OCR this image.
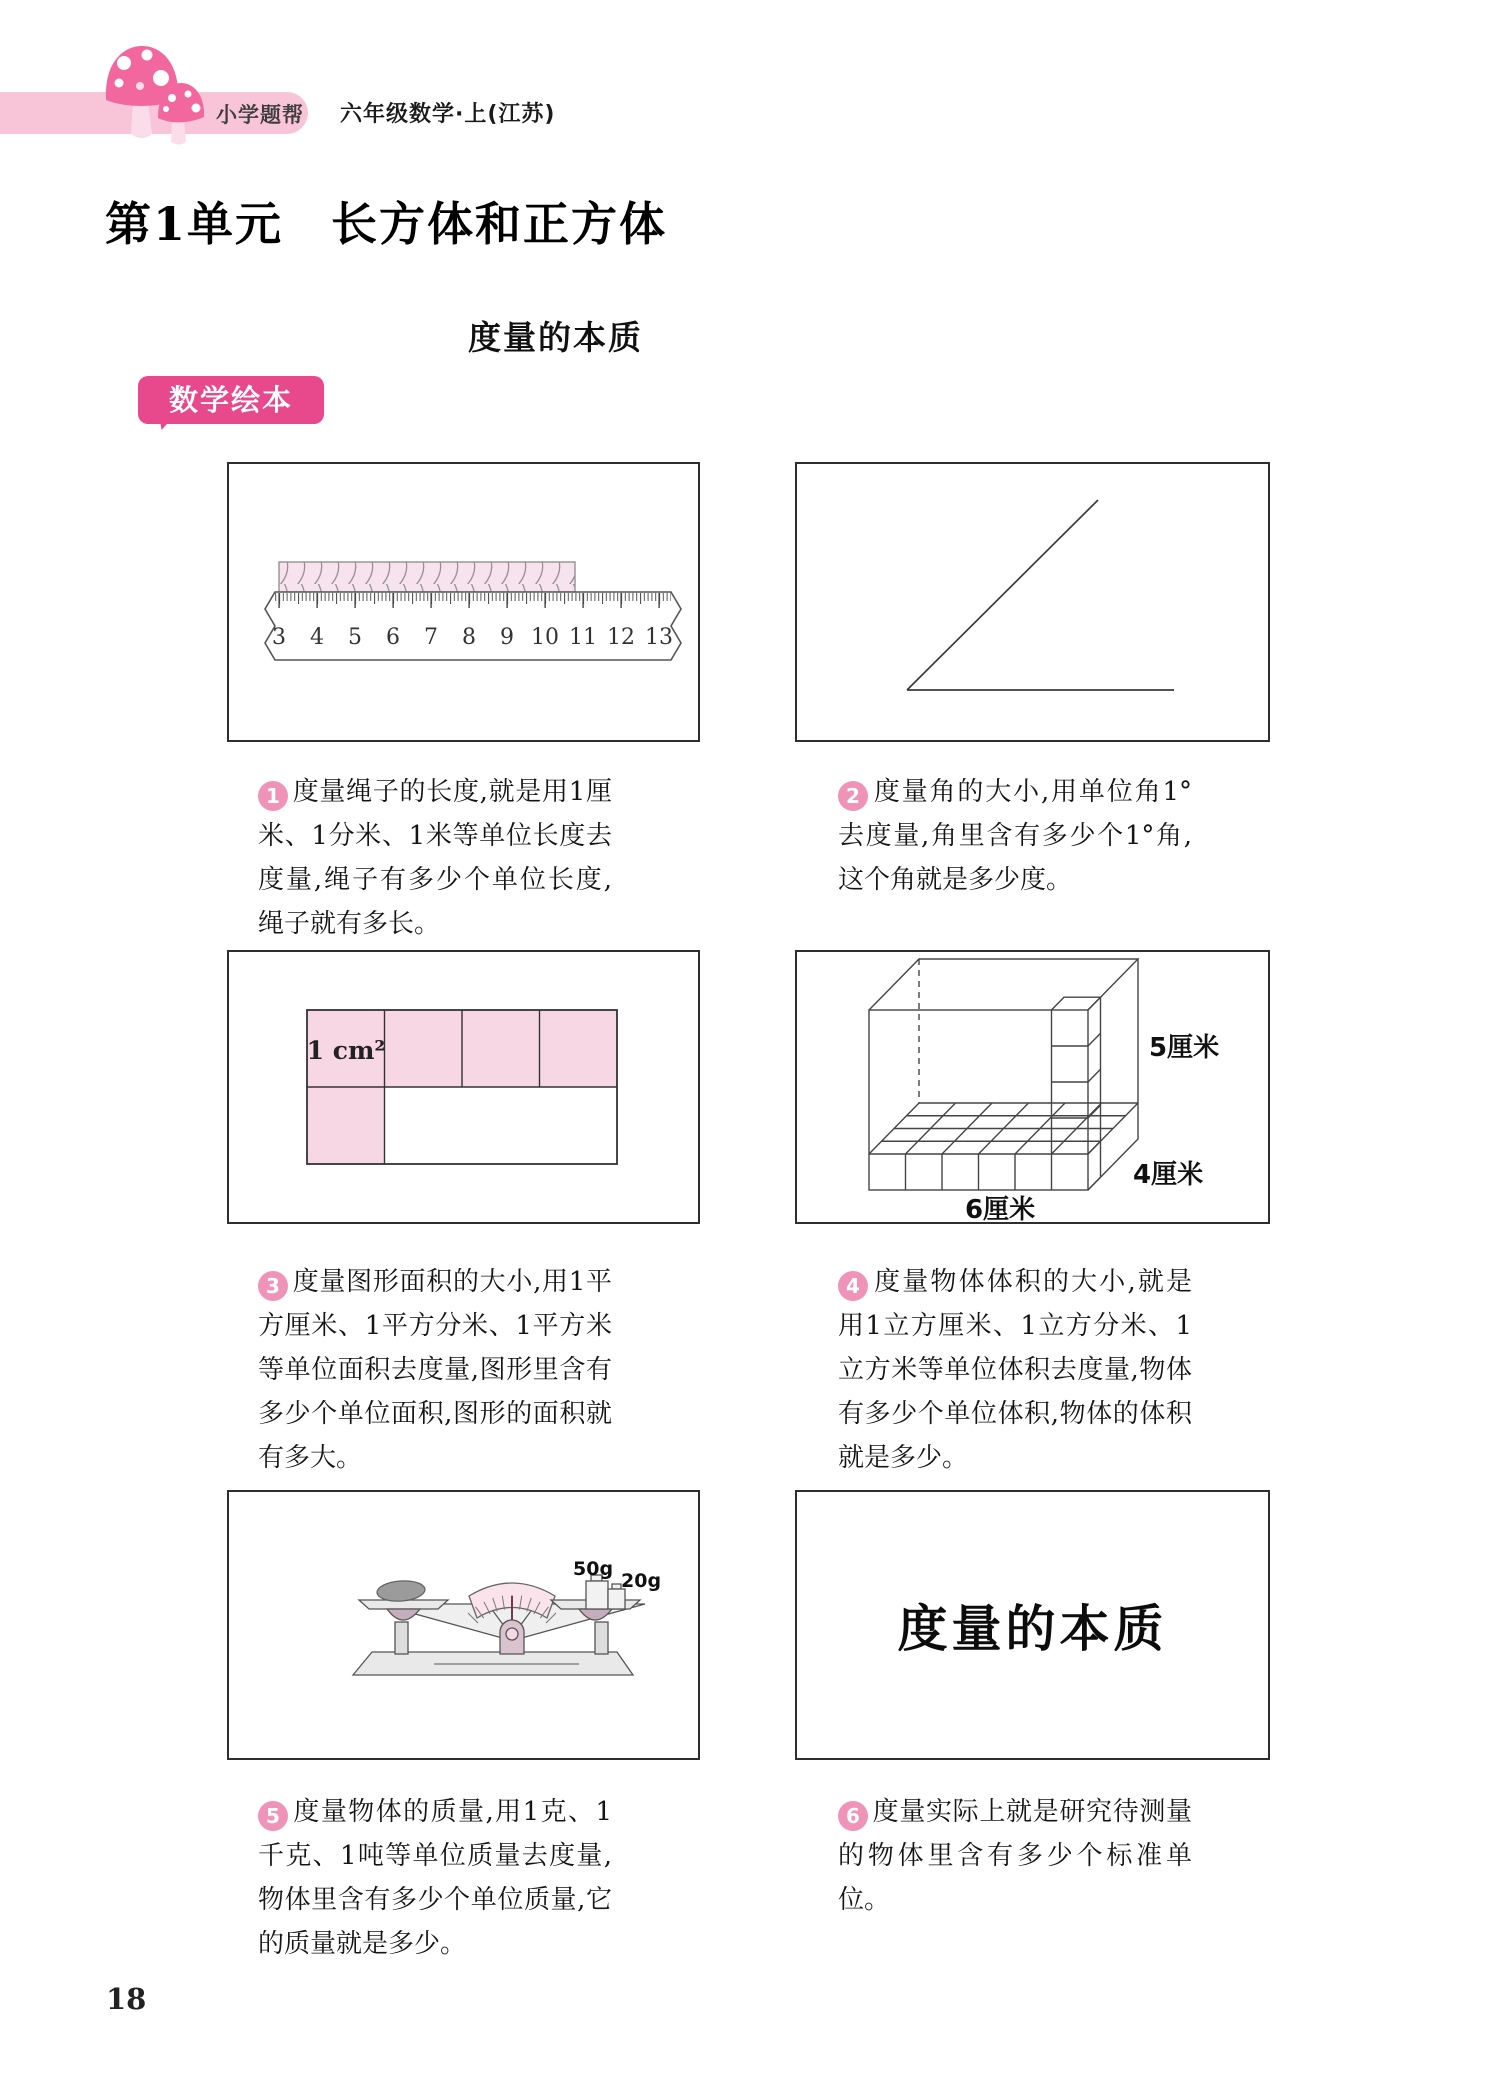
小学题帮 六年级数学·上(江苏)
第1单元　长方体和正方体
度量的本质
数学绘本
3 4 5 6 7 8 9 10 11 12 13
1 cm²
6厘米
4厘米
5厘米
50g
20g
度量的本质
1 度量绳子的长度,就是用1厘米、1分米、1米等单位长度去度量,绳子有多少个单位长度,绳子就有多长。
2 度量角的大小,用单位角1°去度量,角里含有多少个1°角,这个角就是多少度。
3 度量图形面积的大小,用1平方厘米、1平方分米、1平方米等单位面积去度量,图形里含有多少个单位面积,图形的面积就有多大。
4 度量物体体积的大小,就是用1立方厘米、1立方分米、1立方米等单位体积去度量,物体有多少个单位体积,物体的体积就是多少。
5 度量物体的质量,用1克、1千克、1吨等单位质量去度量,物体里含有多少个单位质量,它的质量就是多少。
6 度量实际上就是研究待测量的物体里含有多少个标准单位。
18
